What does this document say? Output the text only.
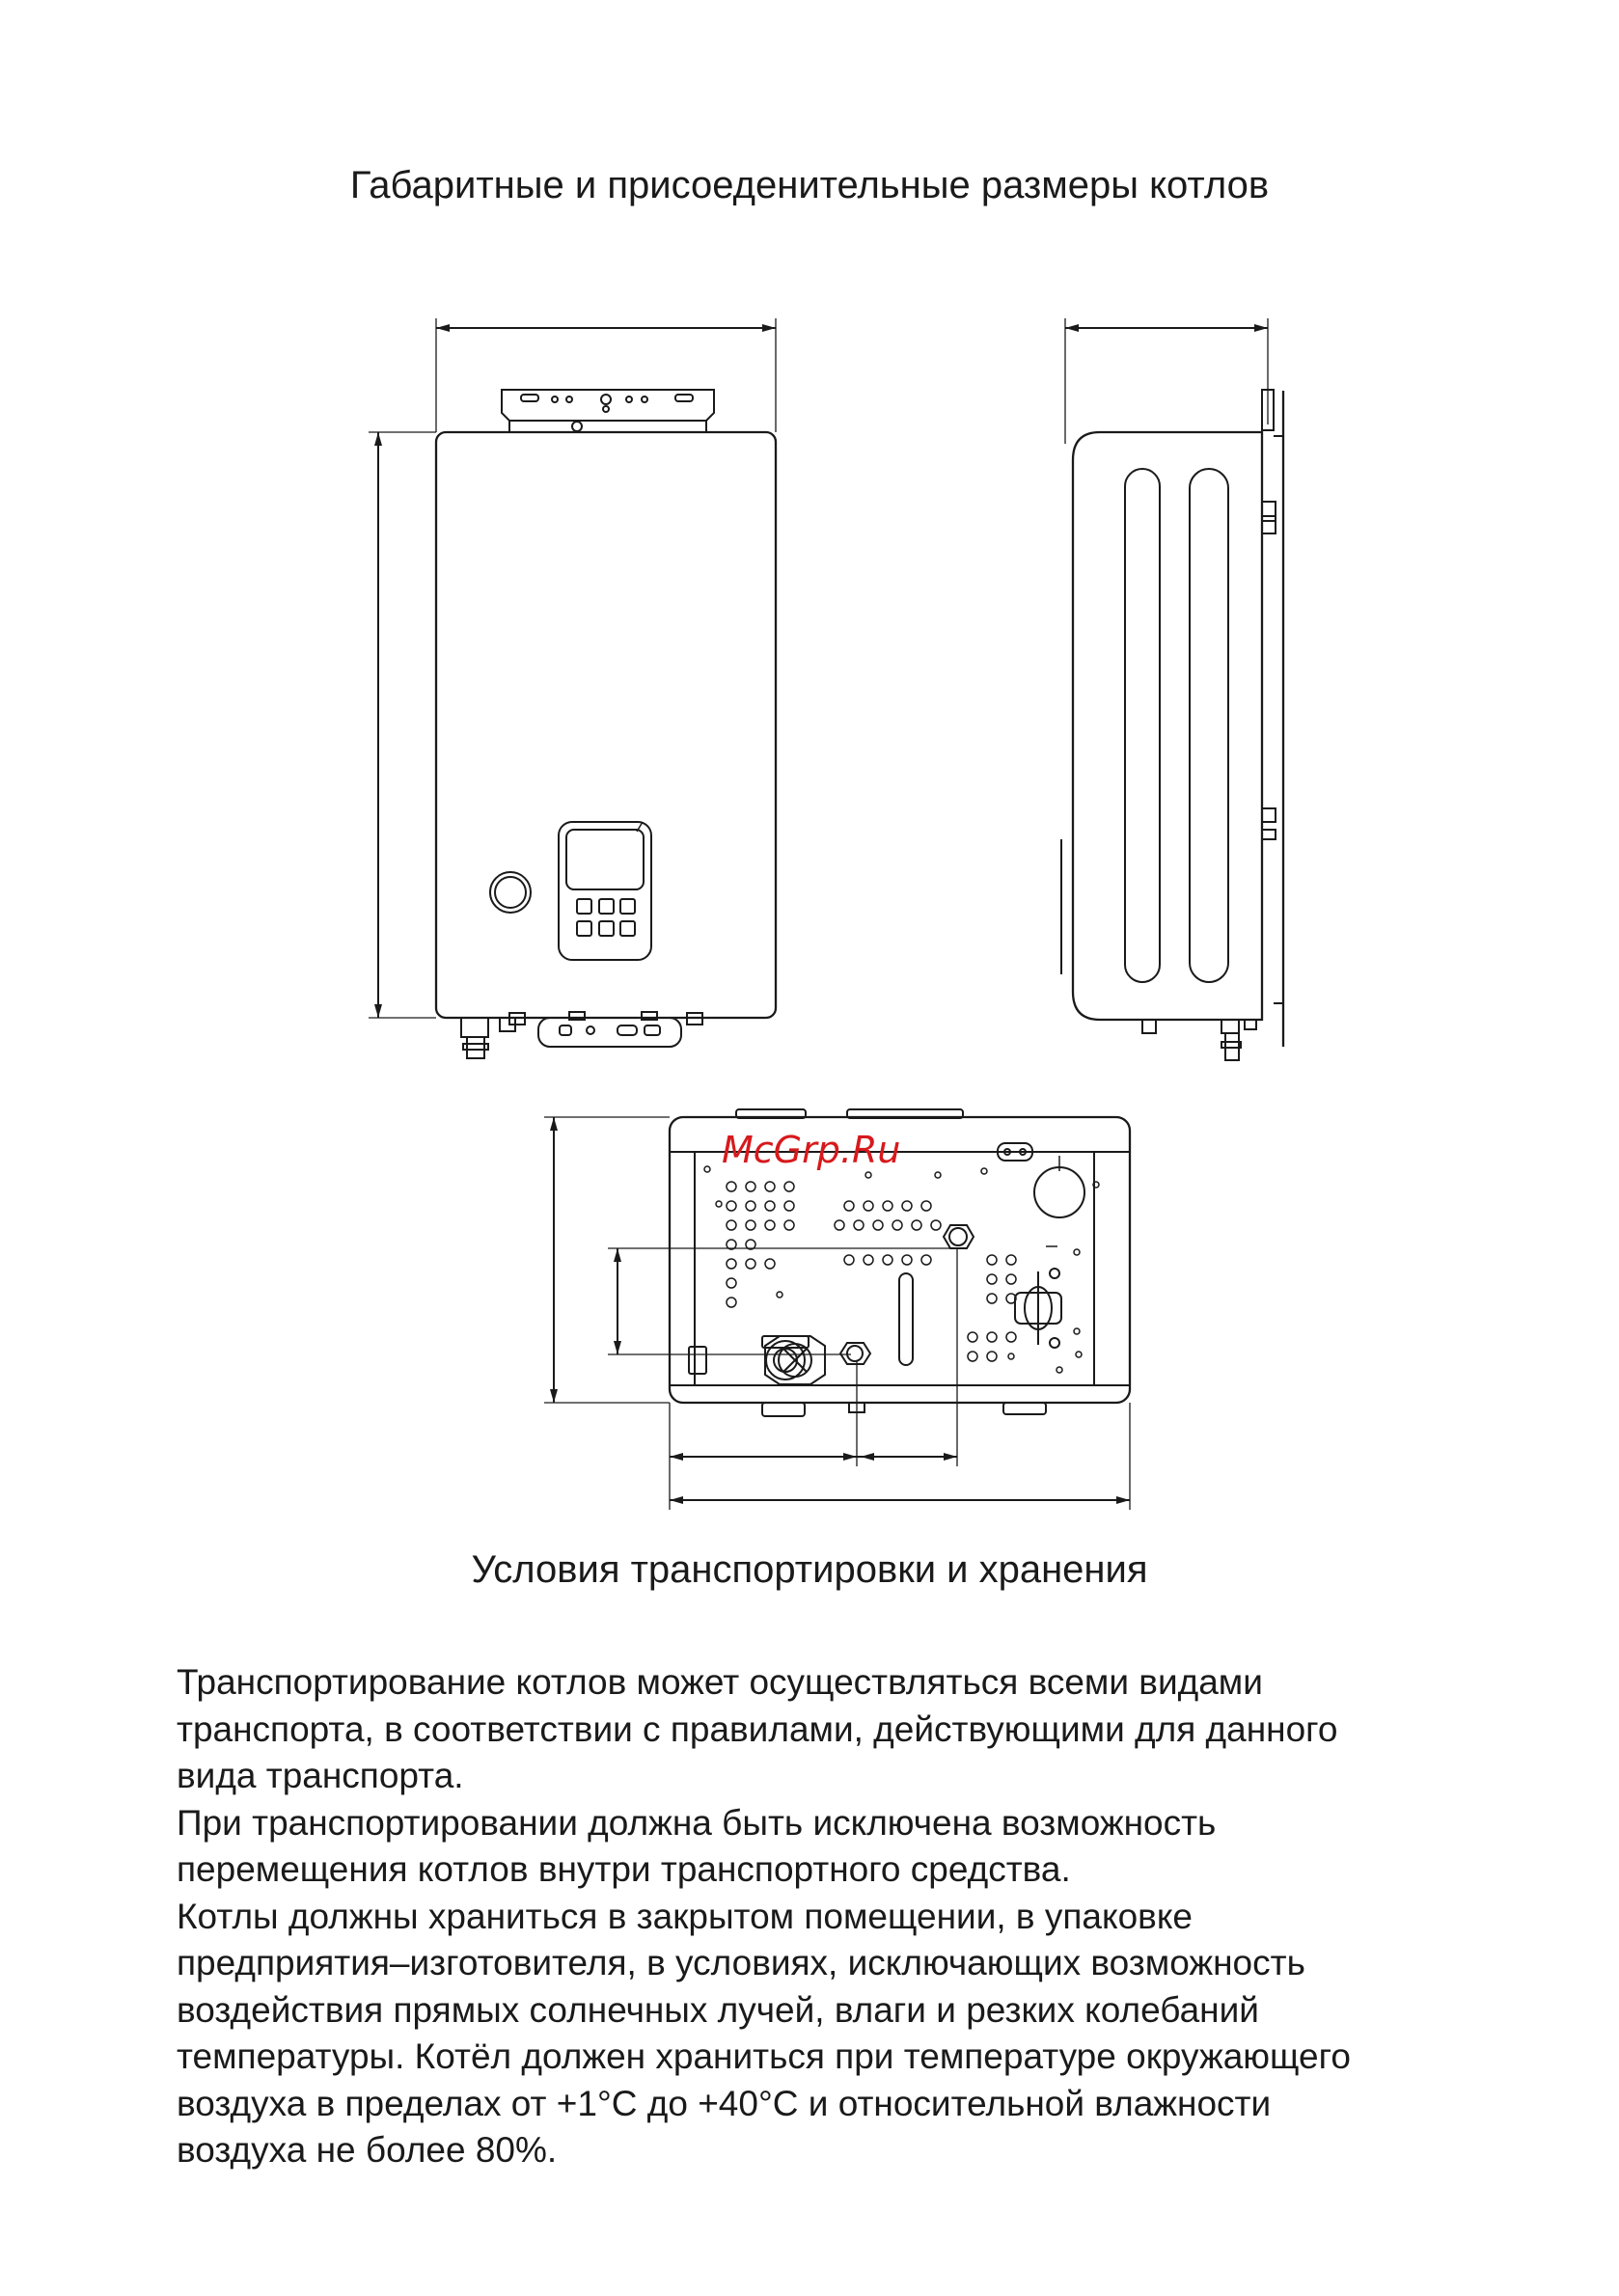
Габаритные и присоеденительные размеры котлов
McGrp.Ru
Условия транспортировки и хранения
Транспортирование котлов может осуществляться всеми видами
транспорта, в соответствии с правилами, действующими для данного
вида транспорта.
При транспортировании должна быть исключена возможность
перемещения котлов внутри транспортного средства.
Котлы должны храниться в закрытом помещении, в упаковке
предприятия–изготовителя, в условиях, исключающих возможность
воздействия прямых солнечных лучей, влаги и резких колебаний
температуры. Котёл должен храниться при температуре окружающего
воздуха в пределах от +1°С до +40°С и относительной влажности
воздуха не более 80%.
